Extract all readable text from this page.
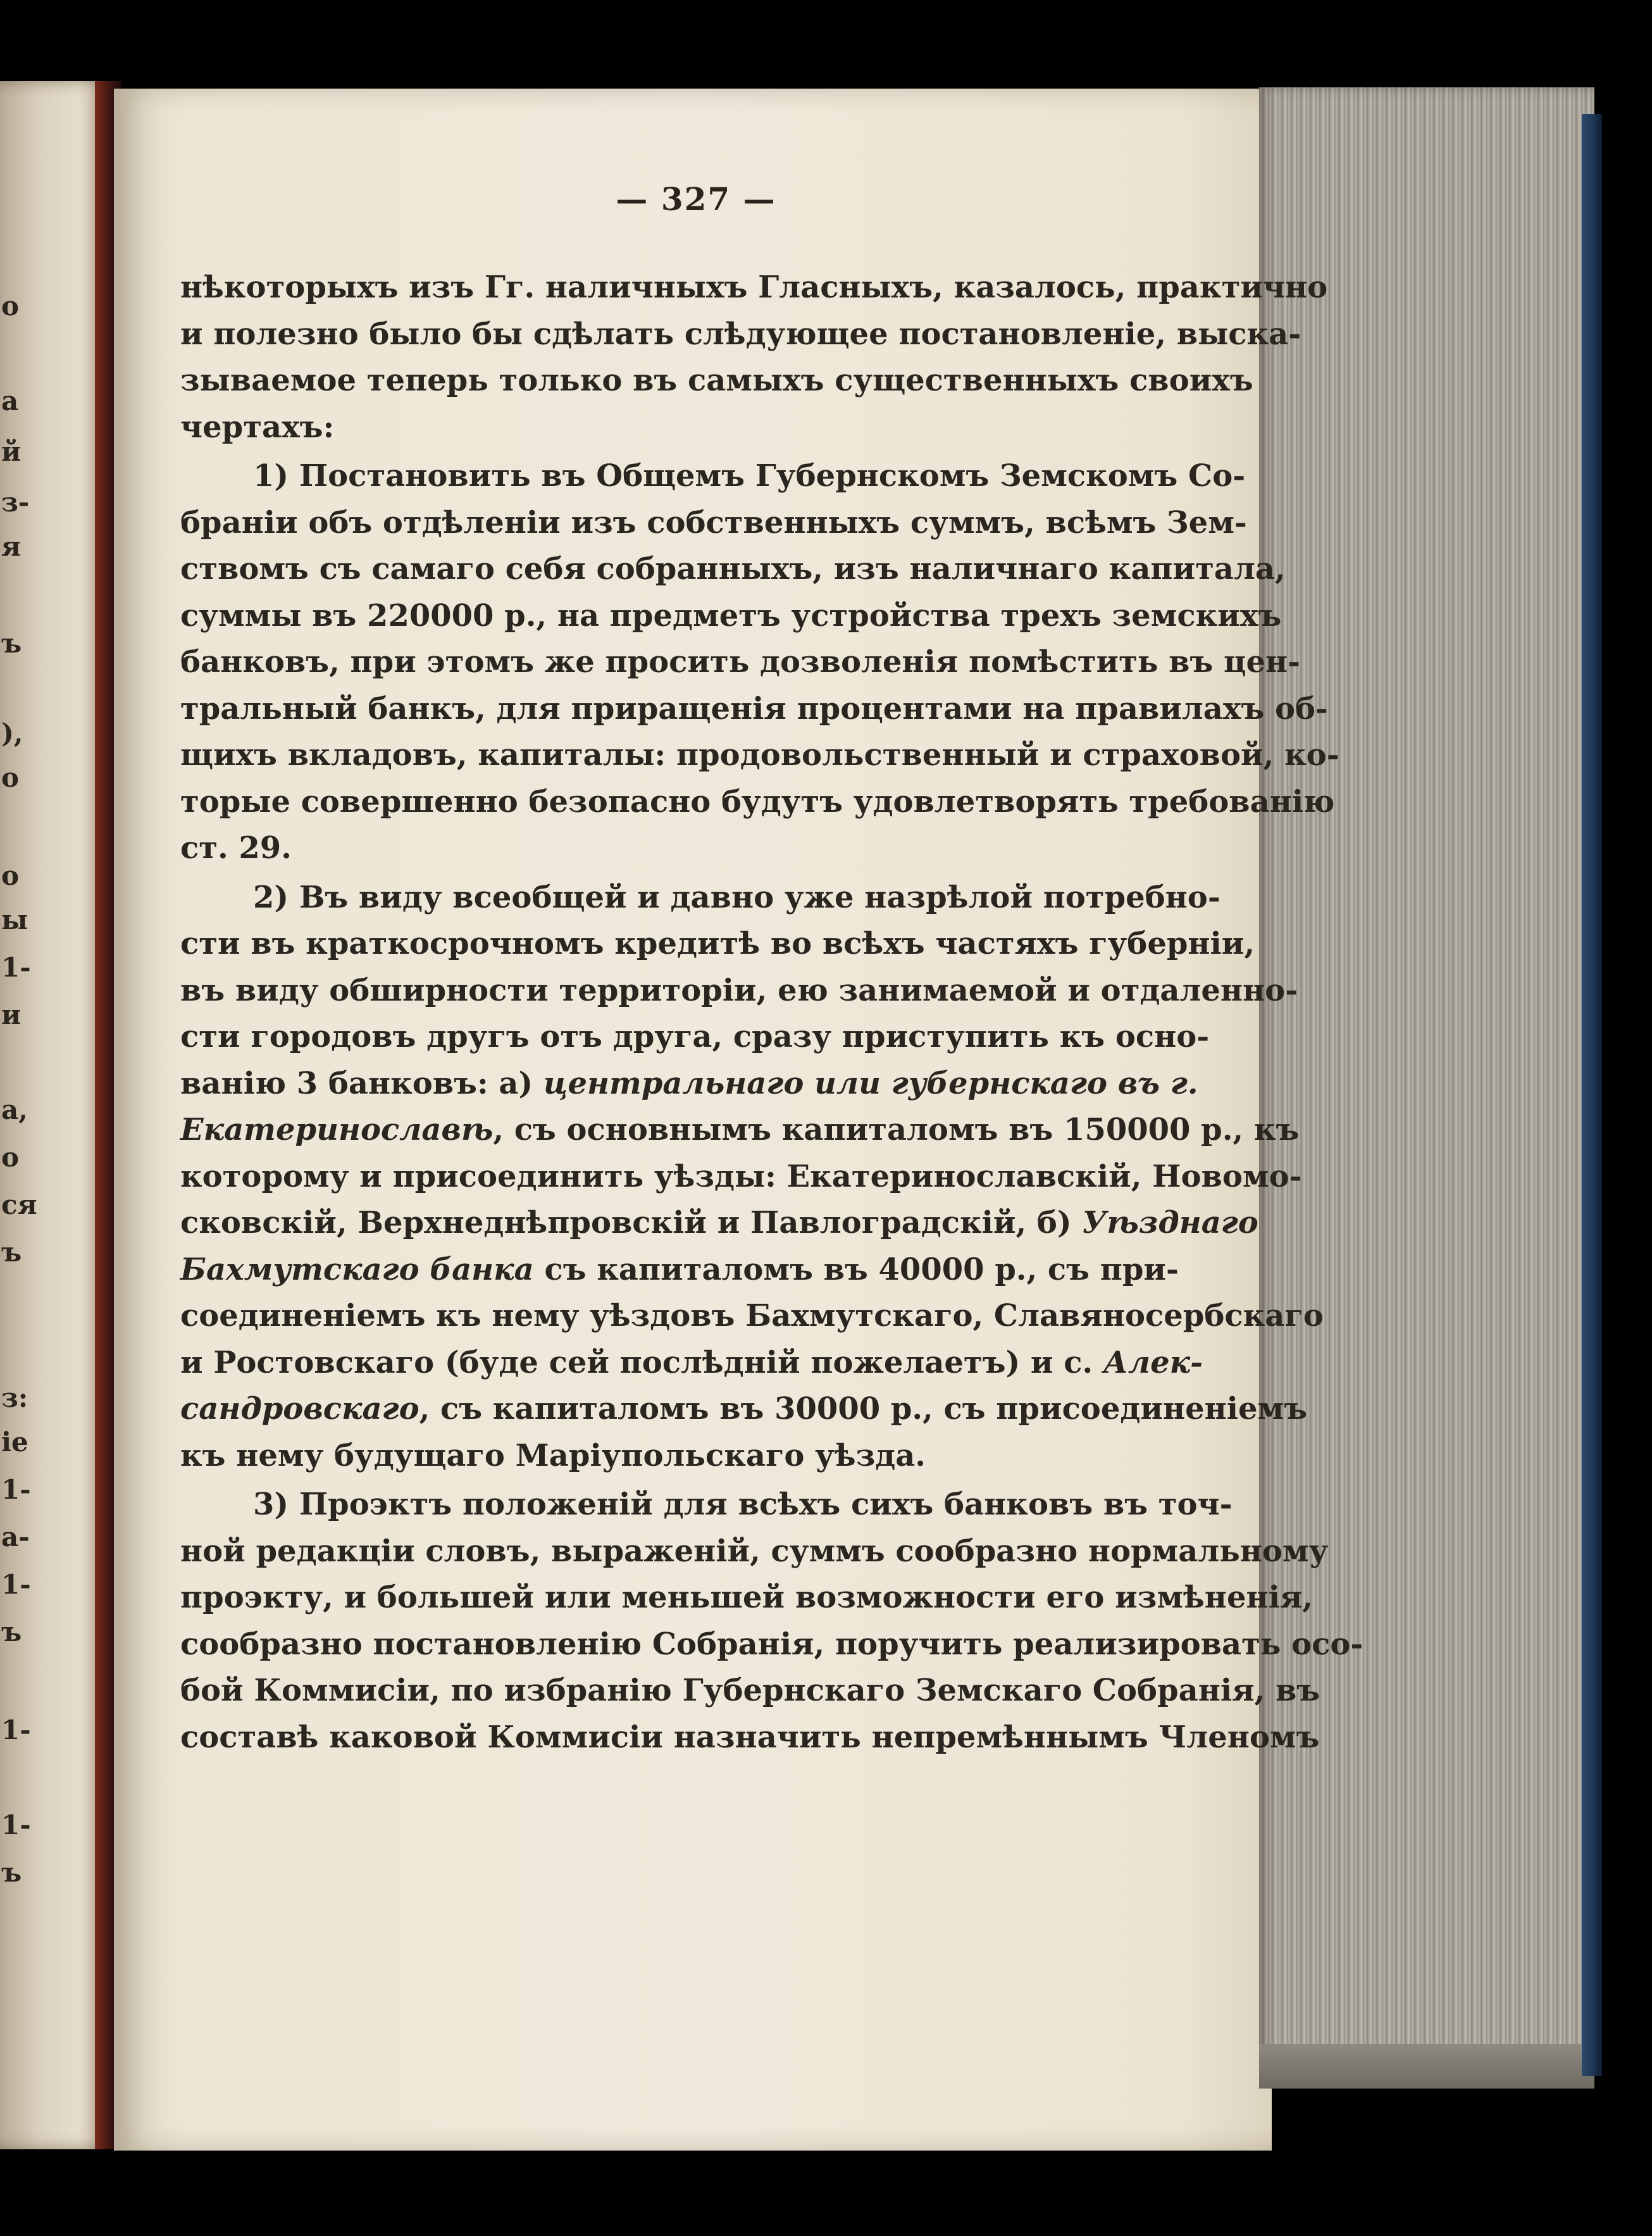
о
а
й
з-
я
ъ
),
о
о
ы
1-
и
а,
о
ся
ъ
з:
іе
1-
а-
1-
ъ
1-
1-
ъ
— 327 —
нѣкоторыхъ изъ Гг. наличныхъ Гласныхъ, казалось, практично
и полезно было бы сдѣлать слѣдующее постановленіе, выска-
зываемое теперь только въ самыхъ существенныхъ своихъ
чертахъ:
1) Постановить въ Общемъ Губернскомъ Земскомъ Со-
браніи объ отдѣленіи изъ собственныхъ суммъ, всѣмъ Зем-
ствомъ съ самаго себя собранныхъ, изъ наличнаго капитала,
суммы въ 220000 р., на предметъ устройства трехъ земскихъ
банковъ, при этомъ же просить дозволенія помѣстить въ цен-
тральный банкъ, для приращенія процентами на правилахъ об-
щихъ вкладовъ, капиталы: продовольственный и страховой, ко-
торые совершенно безопасно будутъ удовлетворять требованію
ст. 29.
2) Въ виду всеобщей и давно уже назрѣлой потребно-
сти въ краткосрочномъ кредитѣ во всѣхъ частяхъ губерніи,
въ виду обширности территоріи, ею занимаемой и отдаленно-
сти городовъ другъ отъ друга, сразу приступить къ осно-
ванію 3 банковъ: а) центральнаго или губернскаго въ г.
Екатеринославѣ, съ основнымъ капиталомъ въ 150000 р., къ
которому и присоединить уѣзды: Екатеринославскій, Новомо-
сковскій, Верхнеднѣпровскій и Павлоградскій, б) Уѣзднаго
Бахмутскаго банка съ капиталомъ въ 40000 р., съ при-
соединеніемъ къ нему уѣздовъ Бахмутскаго, Славяносербскаго
и Ростовскаго (буде сей послѣдній пожелаетъ) и с. Алек-
сандровскаго, съ капиталомъ въ 30000 р., съ присоединеніемъ
къ нему будущаго Маріупольскаго уѣзда.
3) Проэктъ положеній для всѣхъ сихъ банковъ въ точ-
ной редакціи словъ, выраженій, суммъ сообразно нормальному
проэкту, и большей или меньшей возможности его измѣненія,
сообразно постановленію Собранія, поручить реализировать осо-
бой Коммисіи, по избранію Губернскаго Земскаго Собранія, въ
составѣ каковой Коммисіи назначить непремѣннымъ Членомъ
